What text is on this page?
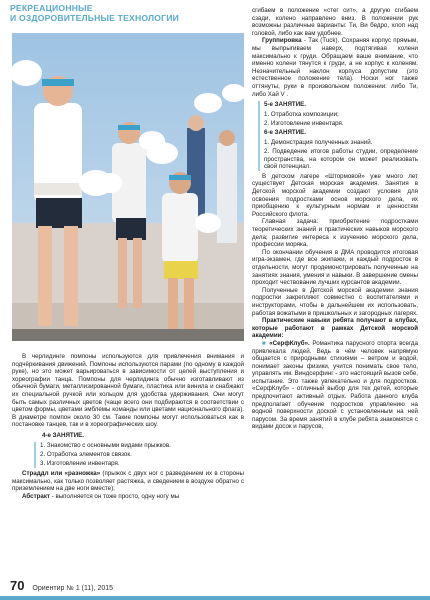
РЕКРЕАЦИОННЫЕ
И ОЗДОРОВИТЕЛЬНЫЕ ТЕХНОЛОГИИ

В черлидинге помпоны используются для привлечения внимания и подчёркивания движений. Помпоны используются парами (по одному в каждой руке), но это может варьироваться в зависимости от целей выступления и хореографии танца. Помпоны для черлидинга обычно изготавливают из обычной бумаги, металлизированной бумаги, пластика или винила и снабжают их специальной ручкой или кольцом для удобства удерживания. Они могут быть самых различных цветов (чаще всего они подбираются в соответствии с цветом формы, цветами эмблемы команды или цветами национального флага). В диаметре помпон около 30 см. Такие помпоны могут использоваться как в постановке танцев, так и в хореографических шоу.

4-е ЗАНЯТИЕ.

1. Знакомство с основными видами прыжков.

2. Отработка элементов связок.

3. Изготовление инвентаря.

Страддл или «разножка» (прыжок с двух ног с разведением их в стороны максимально, как только позволяет растяжка, и сведением в воздухе обратно с приземлением на две ноги вместе);

Абстракт - выполняется он тоже просто, одну ногу мы

сгибаем в положение «стег сит», а другую сгибаем сзади, колено направлено вниз. В положении рук возможны различные варианты: Ти, Ви бедро, хлоп над головой, либо как вам удобнее.

Группировка - Так (Tuck). Сохраняя корпус прямым, мы выпрыгиваем наверх, подтягивая колени максимально к груди. Обращаем ваше внимание, что именно колени тянутся к груди, а не корпус к коленям. Незначительный наклон корпуса допустим (это естественное положение тела). Носки ног также оттянуты, руки в произвольном положении: либо Ти, либо Хай V .

5-е ЗАНЯТИЕ.

1. Отработка композиции;

2. Изготовление инвентаря.

6-е ЗАНЯТИЕ.

1. Демонстрация полученных знаний.

2. Подведение итогов работы студии, определение пространства, на котором он может реализовать свой потенциал.

В детском лагере «Штормовой» уже много лет существует Детская морская академия. Занятия в Детской морской академии создают условия для освоения подростками основ морского дела, их приобщению к культурным нормам и ценностям Российского флота.

Главная задача: приобретение подростками теоретических знаний и практических навыков морского дела; развитие интереса к изучению морского дела, профессии моряка.

По окончании обучения в ДМА проводится итоговая игра-экзамен, где все экипажи, и каждый подросток в отдельности, могут продемонстрировать полученные на занятиях знания, умения и навыки. В завершение смены проходит чествование лучших курсантов академии.

Полученные в Детской морской академии знания подростки закрепляют совместно с воспитателями и инструкторами, чтобы в дальнейшем их использовать, работая вожатыми в пришкольных и загородных лагерях.

Практические навыки ребята получают в клубах, которые работают в рамках Детской морской академии:

■ «СерфКлуб». Романтика парусного спорта всегда привлекала людей. Ведь в чём человек напрямую общается с природными стихиями – ветром и водой, понимает законы физики, учится понимать свое тело, управлять им. Виндсерфинг - это настоящий вызов себе, испытание. Это также увлекательно и для подростков. «СерфКлуб» - отличный выбор для тех детей, которые предпочитают активный отдых. Работа данного клуба предполагает обучение подростков управлению на водной поверхности доской с установленным на ней парусом. За время занятий в клубе ребята знакомятся с видами досок и парусов,

70 Ориентир № 1 (11), 2015
